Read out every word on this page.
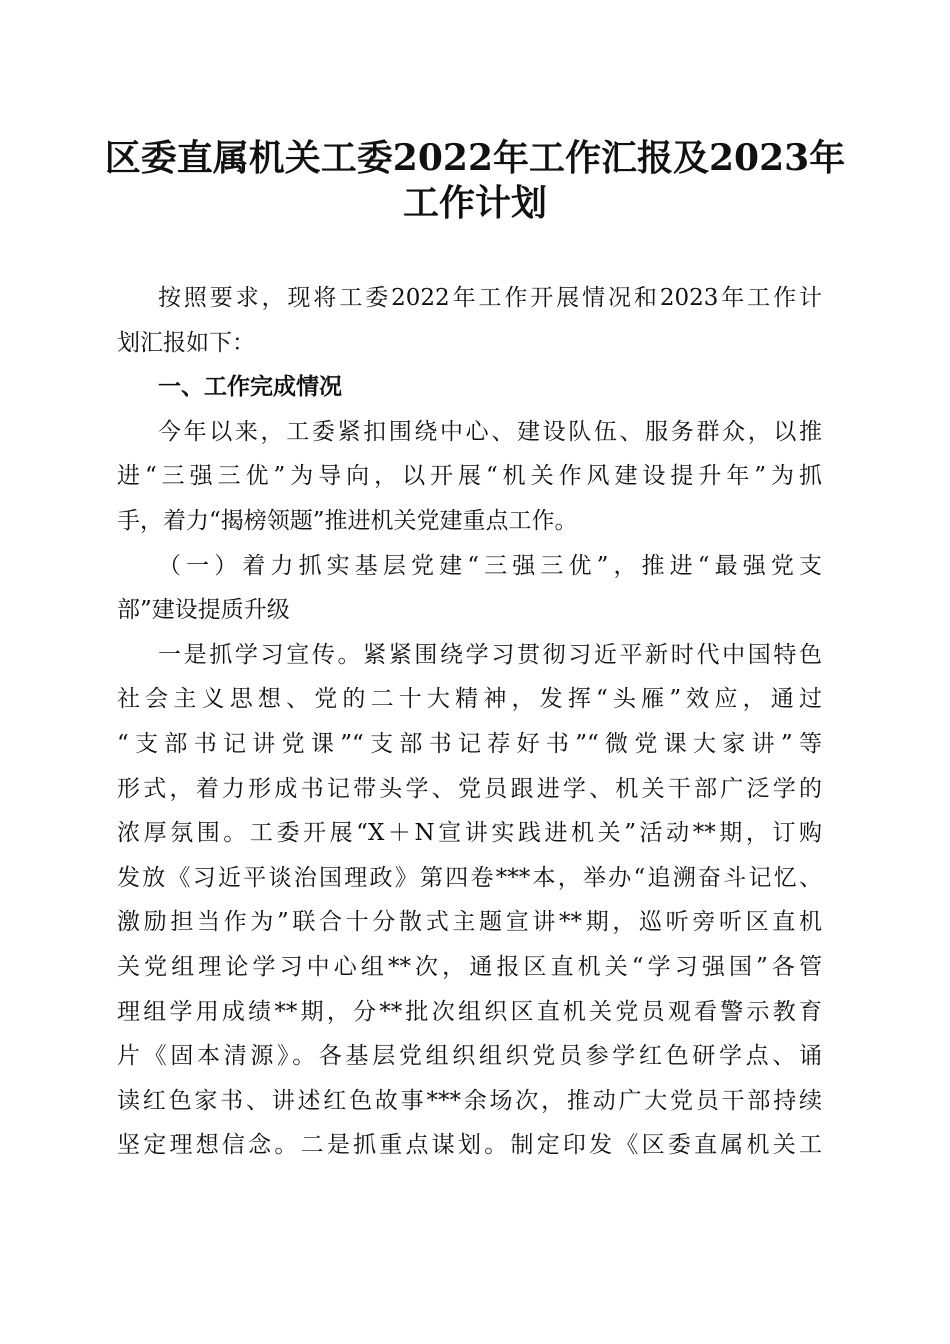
区委直属机关工委2022年工作汇报及2023年
工作计划
按照要求，现将工委2022年工作开展情况和2023年工作计
划汇报如下：
一、工作完成情况
今年以来，工委紧扣围绕中心、建设队伍、服务群众，以推
进“三强三优”为导向，以开展“机关作风建设提升年”为抓
手，着力“揭榜领题”推进机关党建重点工作。
（一）着力抓实基层党建“三强三优”，推进“最强党支
部”建设提质升级
一是抓学习宣传。紧紧围绕学习贯彻习近平新时代中国特色
社会主义思想、党的二十大精神，发挥“头雁”效应，通过
“支部书记讲党课”“支部书记荐好书”“微党课大家讲”等
形式，着力形成书记带头学、党员跟进学、机关干部广泛学的
浓厚氛围。工委开展“X＋N宣讲实践进机关”活动**期，订购
发放《习近平谈治国理政》第四卷***本，举办“追溯奋斗记忆、
激励担当作为”联合十分散式主题宣讲**期，巡听旁听区直机
关党组理论学习中心组**次，通报区直机关“学习强国”各管
理组学用成绩**期，分**批次组织区直机关党员观看警示教育
片《固本清源》。各基层党组织组织党员参学红色研学点、诵
读红色家书、讲述红色故事***余场次，推动广大党员干部持续
坚定理想信念。二是抓重点谋划。制定印发《区委直属机关工
